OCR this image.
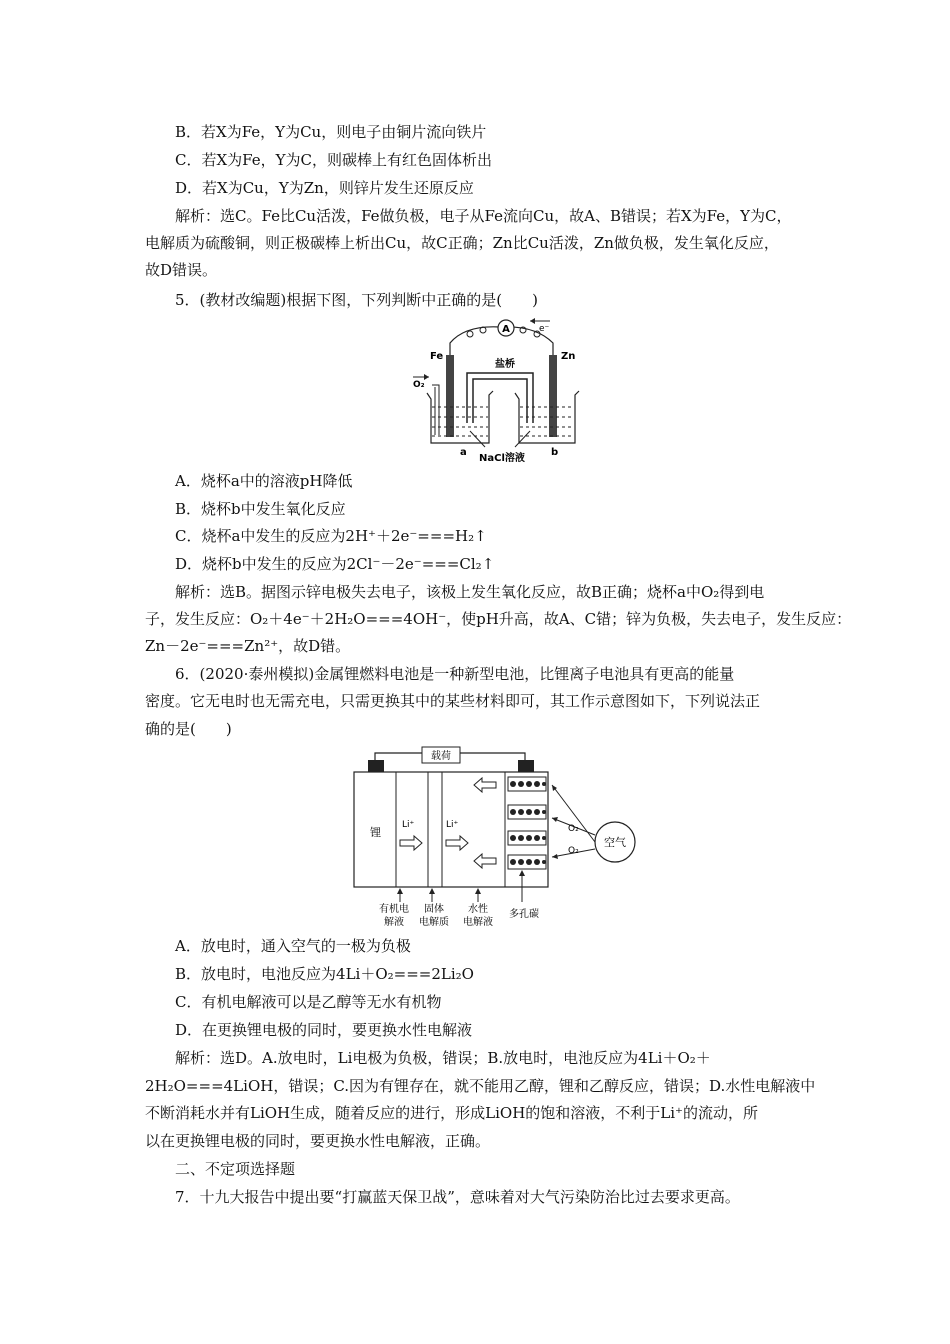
B．若X为Fe，Y为Cu，则电子由铜片流向铁片
C．若X为Fe，Y为C，则碳棒上有红色固体析出
D．若X为Cu，Y为Zn，则锌片发生还原反应
解析：选C。Fe比Cu活泼，Fe做负极，电子从Fe流向Cu，故A、B错误；若X为Fe，Y为C，
电解质为硫酸铜，则正极碳棒上析出Cu，故C正确；Zn比Cu活泼，Zn做负极，发生氧化反应，
故D错误。
5．(教材改编题)根据下图，下列判断中正确的是(　　)
A	e⁻
Fe	Zn
盐桥
O₂
a	b
NaCl溶液
A．烧杯a中的溶液pH降低
B．烧杯b中发生氧化反应
C．烧杯a中发生的反应为2H⁺＋2e⁻===H₂↑
D．烧杯b中发生的反应为2Cl⁻－2e⁻===Cl₂↑
解析：选B。据图示锌电极失去电子，该极上发生氧化反应，故B正确；烧杯a中O₂得到电
子，发生反应：O₂＋4e⁻＋2H₂O===4OH⁻，使pH升高，故A、C错；锌为负极，失去电子，发生反应：
Zn－2e⁻===Zn²⁺，故D错。
6．(2020·泰州模拟)金属锂燃料电池是一种新型电池，比锂离子电池具有更高的能量
密度。它无电时也无需充电，只需更换其中的某些材料即可，其工作示意图如下，下列说法正
确的是(　　)
载荷
锂
Li⁺	Li⁺
空气
O₂
O₂
有机电
解液
固体
电解质
水性
电解液
多孔碳
A．放电时，通入空气的一极为负极
B．放电时，电池反应为4Li＋O₂===2Li₂O
C．有机电解液可以是乙醇等无水有机物
D．在更换锂电极的同时，要更换水性电解液
解析：选D。A.放电时，Li电极为负极，错误；B.放电时，电池反应为4Li＋O₂＋
2H₂O===4LiOH，错误；C.因为有锂存在，就不能用乙醇，锂和乙醇反应，错误；D.水性电解液中
不断消耗水并有LiOH生成，随着反应的进行，形成LiOH的饱和溶液，不利于Li⁺的流动，所
以在更换锂电极的同时，要更换水性电解液，正确。
二、不定项选择题
7．十九大报告中提出要“打赢蓝天保卫战”，意味着对大气污染防治比过去要求更高。
